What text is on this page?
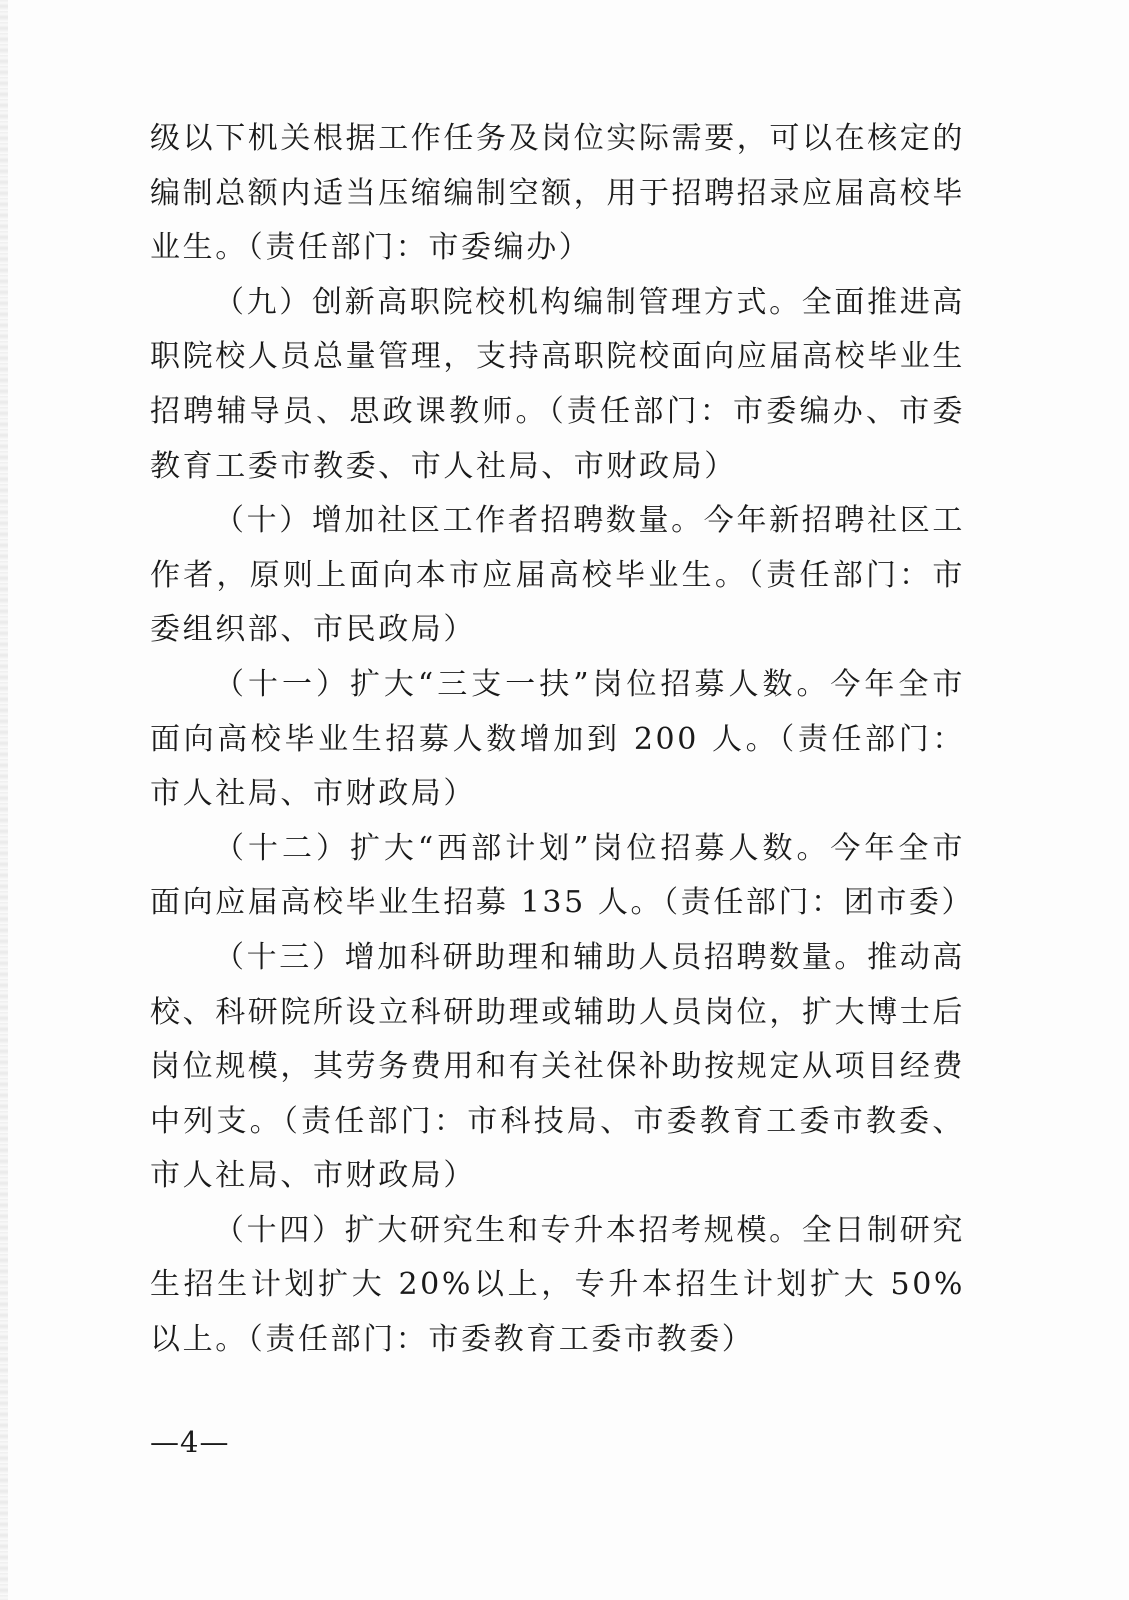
级以下机关根据工作任务及岗位实际需要，可以在核定的编制总额内适当压缩编制空额，用于招聘招录应届高校毕业生。（责任部门：市委编办）

（九）创新高职院校机构编制管理方式。全面推进高职院校人员总量管理，支持高职院校面向应届高校毕业生招聘辅导员、思政课教师。（责任部门：市委编办、市委教育工委市教委、市人社局、市财政局）

（十）增加社区工作者招聘数量。今年新招聘社区工作者，原则上面向本市应届高校毕业生。（责任部门：市委组织部、市民政局）

（十一）扩大“三支一扶”岗位招募人数。今年全市面向高校毕业生招募人数增加到 200 人。（责任部门：市人社局、市财政局）

（十二）扩大“西部计划”岗位招募人数。今年全市面向应届高校毕业生招募 135 人。（责任部门：团市委）

（十三）增加科研助理和辅助人员招聘数量。推动高校、科研院所设立科研助理或辅助人员岗位，扩大博士后岗位规模，其劳务费用和有关社保补助按规定从项目经费中列支。（责任部门：市科技局、市委教育工委市教委、市人社局、市财政局）

（十四）扩大研究生和专升本招考规模。全日制研究生招生计划扩大 20%以上，专升本招生计划扩大 50%以上。（责任部门：市委教育工委市教委）

—4—
